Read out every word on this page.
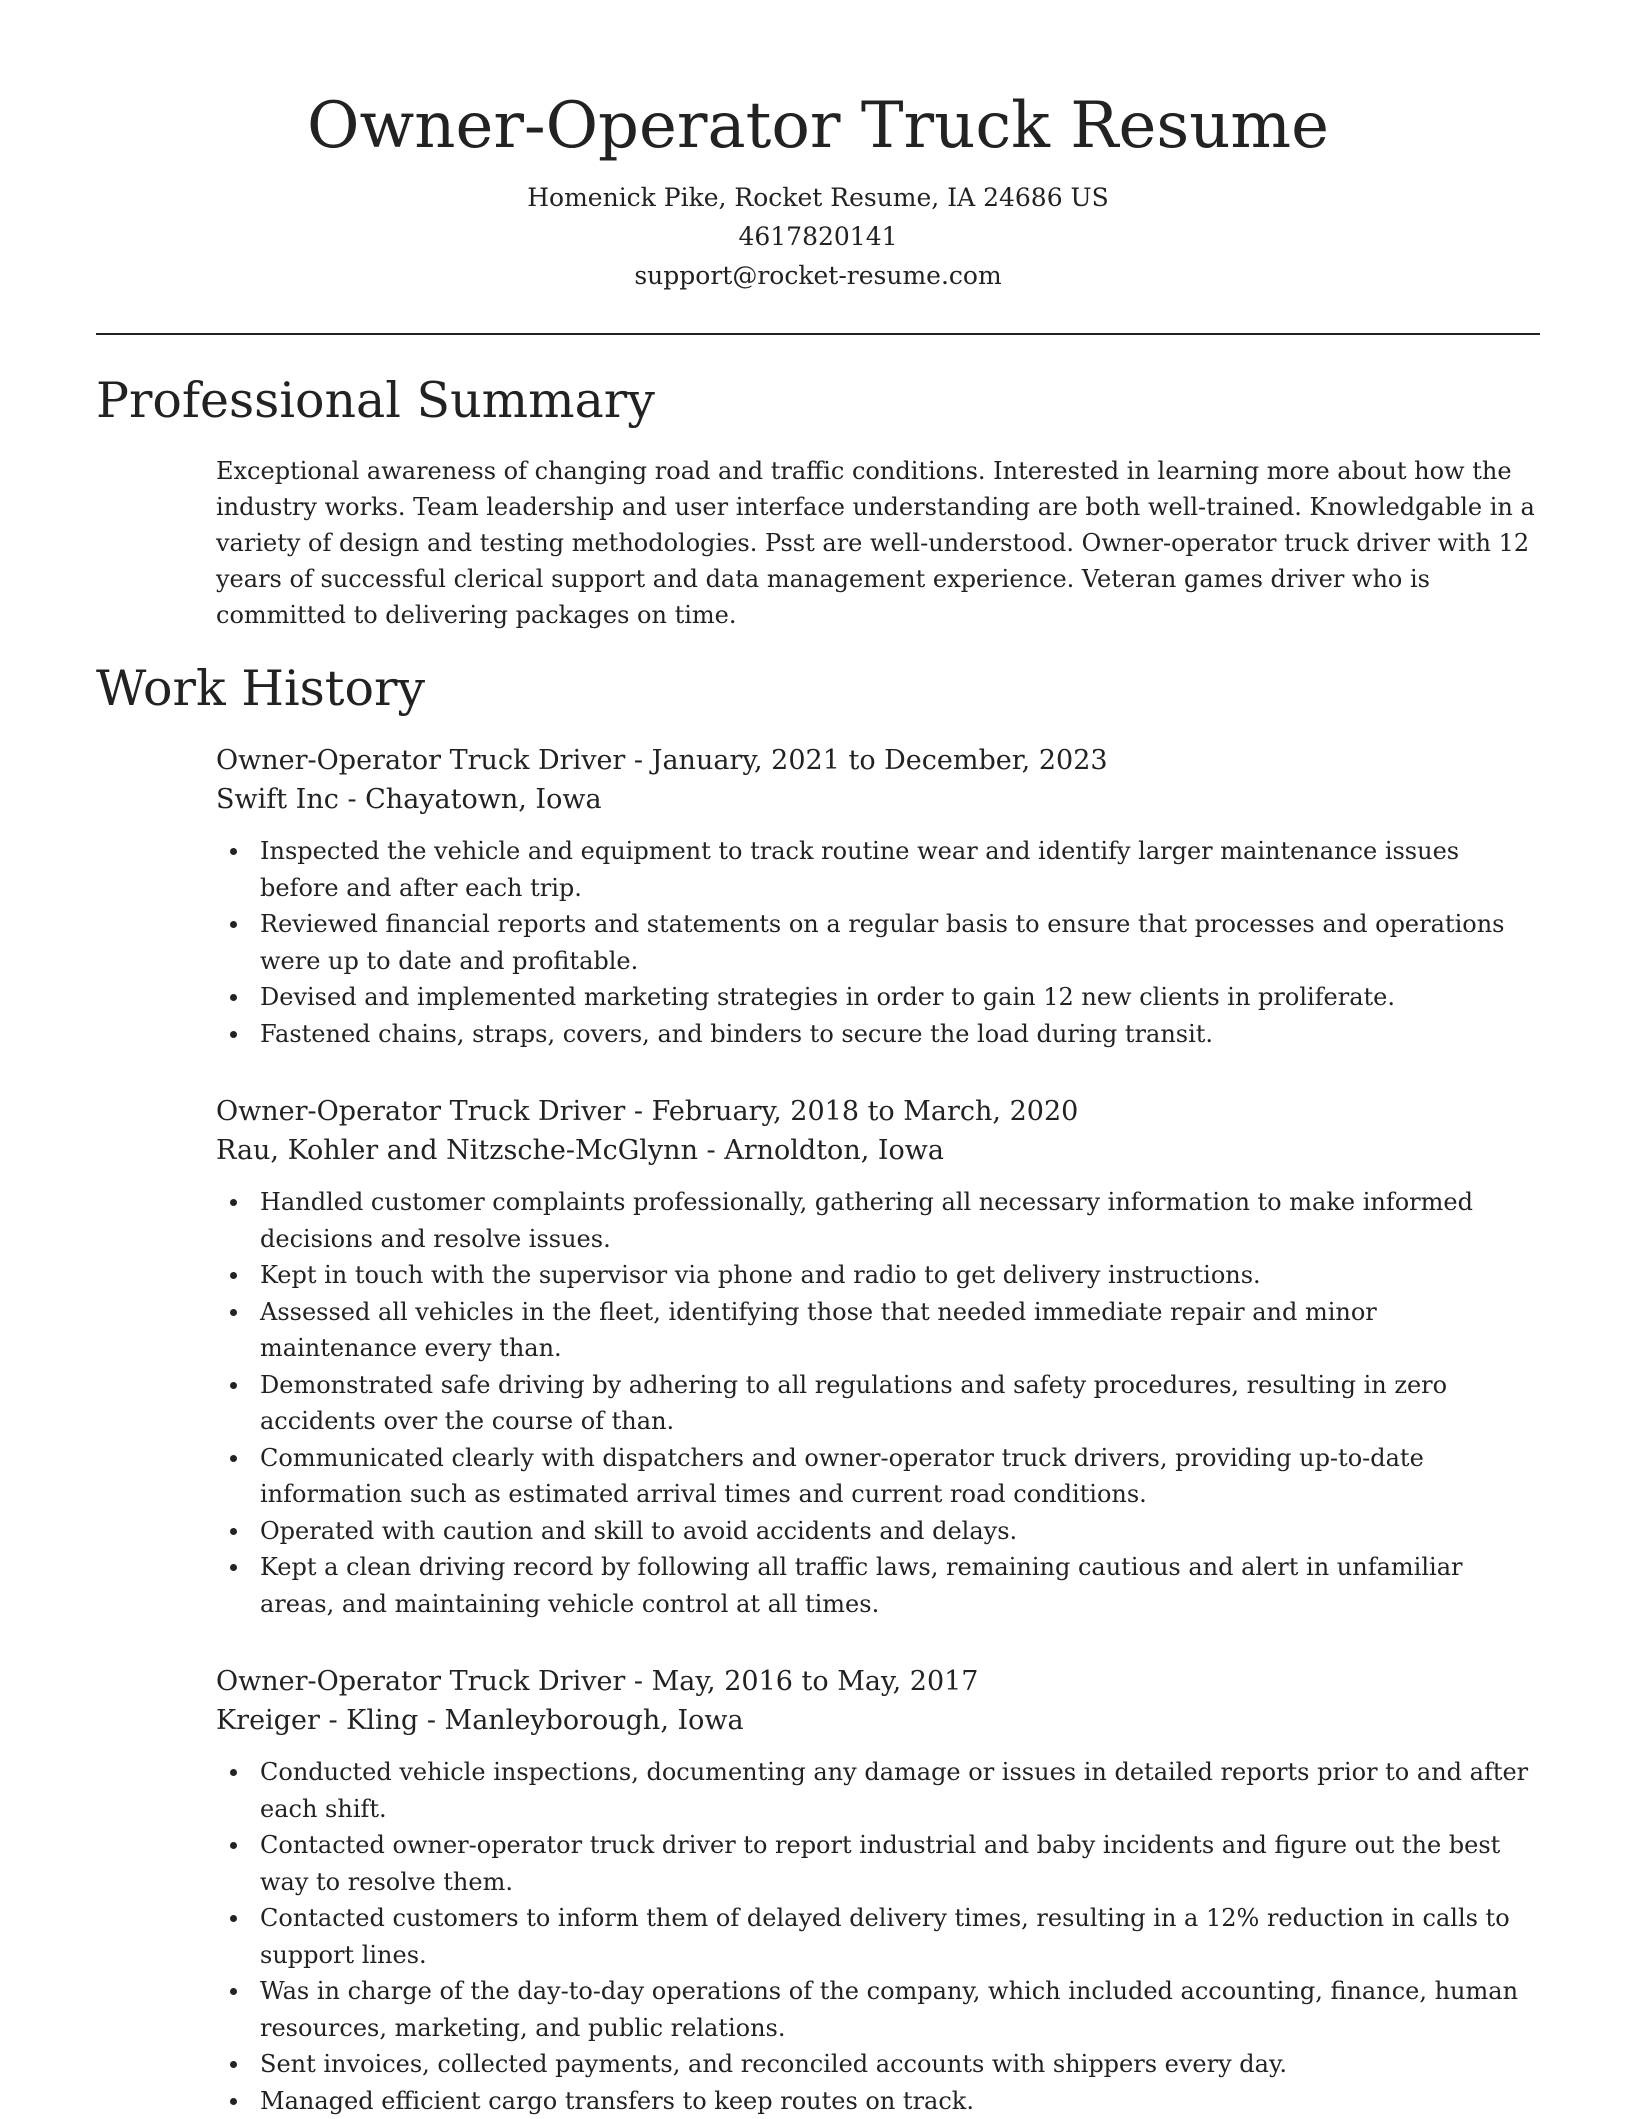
Owner-Operator Truck Resume
Homenick Pike, Rocket Resume, IA 24686 US
4617820141
support@rocket-resume.com
Professional Summary

Exceptional awareness of changing road and traffic conditions. Interested in learning more about how the industry works. Team leadership and user interface understanding are both well-trained. Knowledgable in a variety of design and testing methodologies. Psst are well-understood. Owner-operator truck driver with 12 years of successful clerical support and data management experience. Veteran games driver who is committed to delivering packages on time.

Work History
Owner-Operator Truck Driver - January, 2021 to December, 2023
Swift Inc - Chayatown, Iowa
Inspected the vehicle and equipment to track routine wear and identify larger maintenance issues before and after each trip.
Reviewed financial reports and statements on a regular basis to ensure that processes and operations were up to date and profitable.
Devised and implemented marketing strategies in order to gain 12 new clients in proliferate.
Fastened chains, straps, covers, and binders to secure the load during transit.
Owner-Operator Truck Driver - February, 2018 to March, 2020
Rau, Kohler and Nitzsche-McGlynn - Arnoldton, Iowa
Handled customer complaints professionally, gathering all necessary information to make informed decisions and resolve issues.
Kept in touch with the supervisor via phone and radio to get delivery instructions.
Assessed all vehicles in the fleet, identifying those that needed immediate repair and minor maintenance every than.
Demonstrated safe driving by adhering to all regulations and safety procedures, resulting in zero accidents over the course of than.
Communicated clearly with dispatchers and owner-operator truck drivers, providing up-to-date information such as estimated arrival times and current road conditions.
Operated with caution and skill to avoid accidents and delays.
Kept a clean driving record by following all traffic laws, remaining cautious and alert in unfamiliar areas, and maintaining vehicle control at all times.
Owner-Operator Truck Driver - May, 2016 to May, 2017
Kreiger - Kling - Manleyborough, Iowa
Conducted vehicle inspections, documenting any damage or issues in detailed reports prior to and after each shift.
Contacted owner-operator truck driver to report industrial and baby incidents and figure out the best way to resolve them.
Contacted customers to inform them of delayed delivery times, resulting in a 12% reduction in calls to support lines.
Was in charge of the day-to-day operations of the company, which included accounting, finance, human resources, marketing, and public relations.
Sent invoices, collected payments, and reconciled accounts with shippers every day.
Managed efficient cargo transfers to keep routes on track.
